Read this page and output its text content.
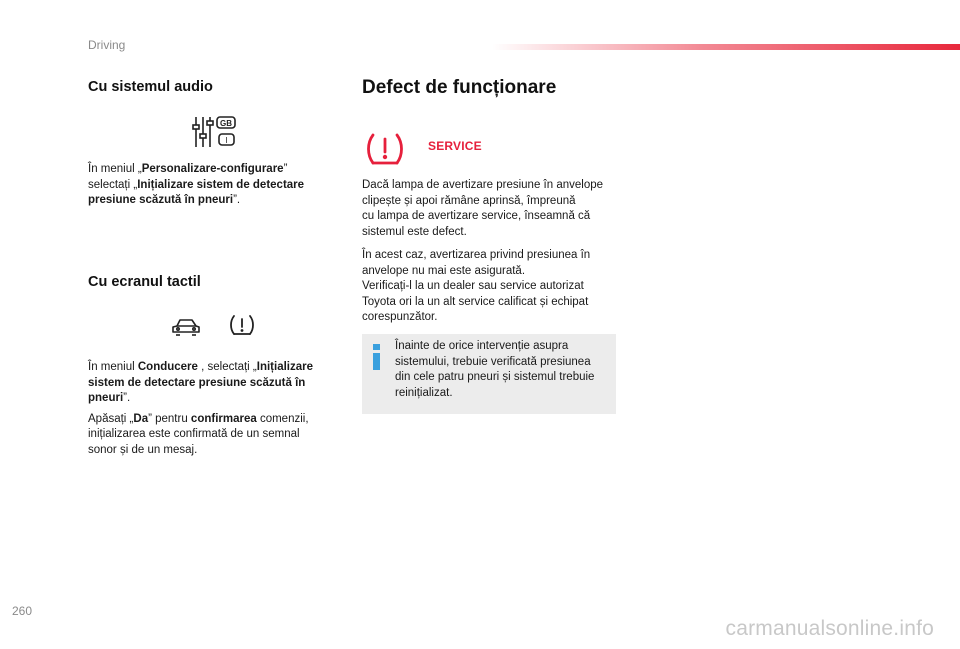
Driving
Cu sistemul audio
GB
I

În meniul „Personalizare-configurare”

selectați „Inițializare sistem de detectare

presiune scăzută în pneuri”.

Cu ecranul tactil

În meniul Conducere , selectați „Inițializare

sistem de detectare presiune scăzută în

pneuri”.

Apăsați „Da” pentru confirmarea comenzii,

inițializarea este confirmată de un semnal

sonor și de un mesaj.

Defect de funcționare
SERVICE

Dacă lampa de avertizare presiune în anvelope

clipește și apoi rămâne aprinsă, împreună

cu lampa de avertizare service, înseamnă că

sistemul este defect.

În acest caz, avertizarea privind presiunea în

anvelope nu mai este asigurată.

Verificați-l la un dealer sau service autorizat

Toyota ori la un alt service calificat și echipat

corespunzător.

Înainte de orice intervenție asupra

sistemului, trebuie verificată presiunea

din cele patru pneuri și sistemul trebuie

reinițializat.

260
carmanualsonline.info
